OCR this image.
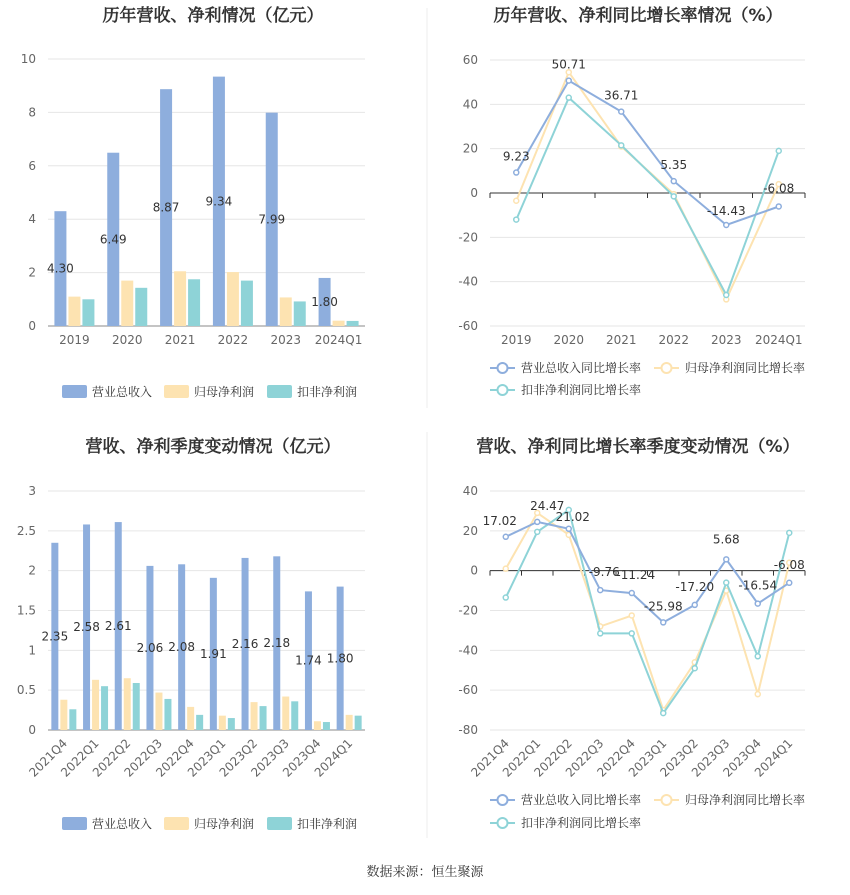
历年营收、净利情况（亿元）
0
2
4
6
8
10
4.30
6.49
8.87 9.34
7.99
1.80
2019 2020 2021 2022 2023 2024Q1
营业总收入	归母净利润	扣非净利润
历年营收、净利同比增长率情况（%）
-60
-40
-20
0
20
40
60
9.23
50.71
36.71
5.35
-14.43
-6.08
2019 2020 2021 2022 2023 2024Q1
营业总收入同比增长率	归母净利润同比增长率
扣非净利润同比增长率
营收、净利季度变动情况（亿元）
0
0.5
1
1.5
2
2.5
3
2.35
2.58 2.61
2.06 2.08 1.91
2.16 2.18
1.74 1.80
2021Q4
2022Q1
2022Q2
2022Q3
2022Q4
2023Q1
2023Q2
2023Q3
2023Q4
2024Q1
营业总收入	归母净利润	扣非净利润
营收、净利同比增长率季度变动情况（%）
-80
-60
-40
-20
0
20
40
17.02
24.47
21.02
-9.76
-11.24
-25.98
-17.20
5.68
-16.54
-6.08
2021Q4
2022Q1
2022Q2
2022Q3
2022Q4
2023Q1
2023Q2
2023Q3
2023Q4
2024Q1
营业总收入同比增长率	归母净利润同比增长率
扣非净利润同比增长率
数据来源：恒生聚源
